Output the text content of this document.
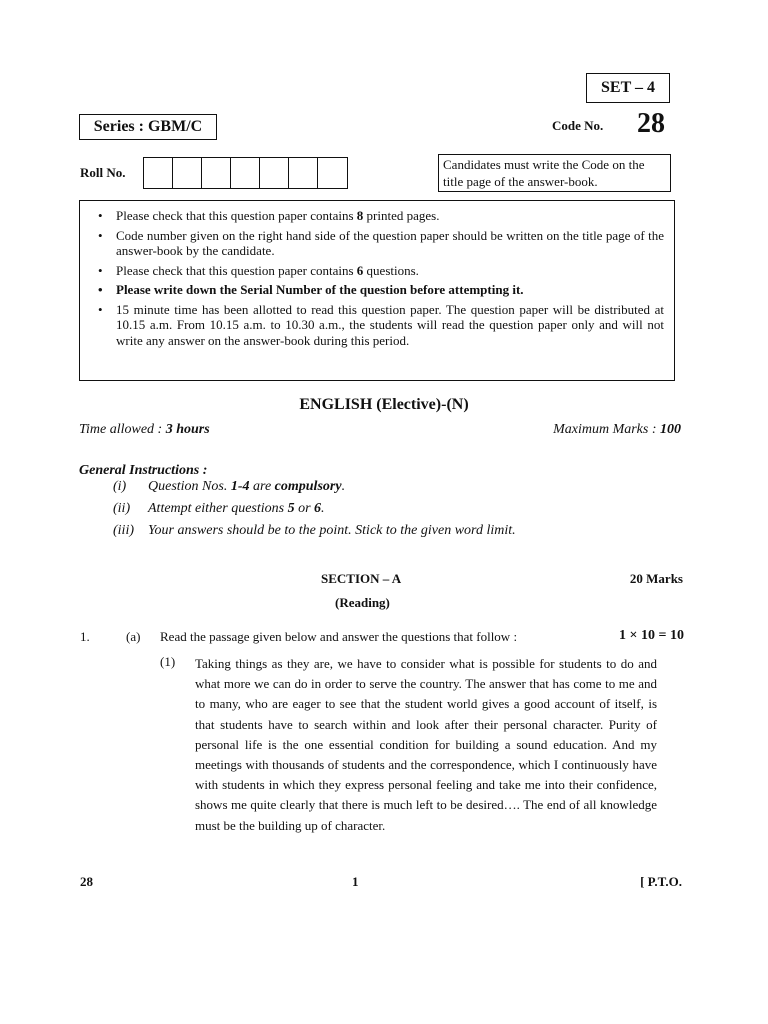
SET – 4
Series : GBM/C	Code No. 28
Roll No.
Candidates must write the Code on the title page of the answer-book.
• Please check that this question paper contains 8 printed pages.
• Code number given on the right hand side of the question paper should be written on the title page of the answer-book by the candidate.
• Please check that this question paper contains 6 questions.
• Please write down the Serial Number of the question before attempting it.
• 15 minute time has been allotted to read this question paper. The question paper will be distributed at 10.15 a.m. From 10.15 a.m. to 10.30 a.m., the students will read the question paper only and will not write any answer on the answer-book during this period.
ENGLISH (Elective)-(N)
Time allowed : 3 hours	Maximum Marks : 100
General Instructions :
(i) Question Nos. 1-4 are compulsory.
(ii) Attempt either questions 5 or 6.
(iii) Your answers should be to the point. Stick to the given word limit.
SECTION – A	20 Marks
(Reading)
1.	(a) Read the passage given below and answer the questions that follow :	1 × 10 = 10
(1) Taking things as they are, we have to consider what is possible for students to do and what more we can do in order to serve the country. The answer that has come to me and to many, who are eager to see that the student world gives a good account of itself, is that students have to search within and look after their personal character. Purity of personal life is the one essential condition for building a sound education. And my meetings with thousands of students and the correspondence, which I continuously have with students in which they express personal feeling and take me into their confidence, shows me quite clearly that there is much left to be desired…. The end of all knowledge must be the building up of character.
28	1	[ P.T.O.
